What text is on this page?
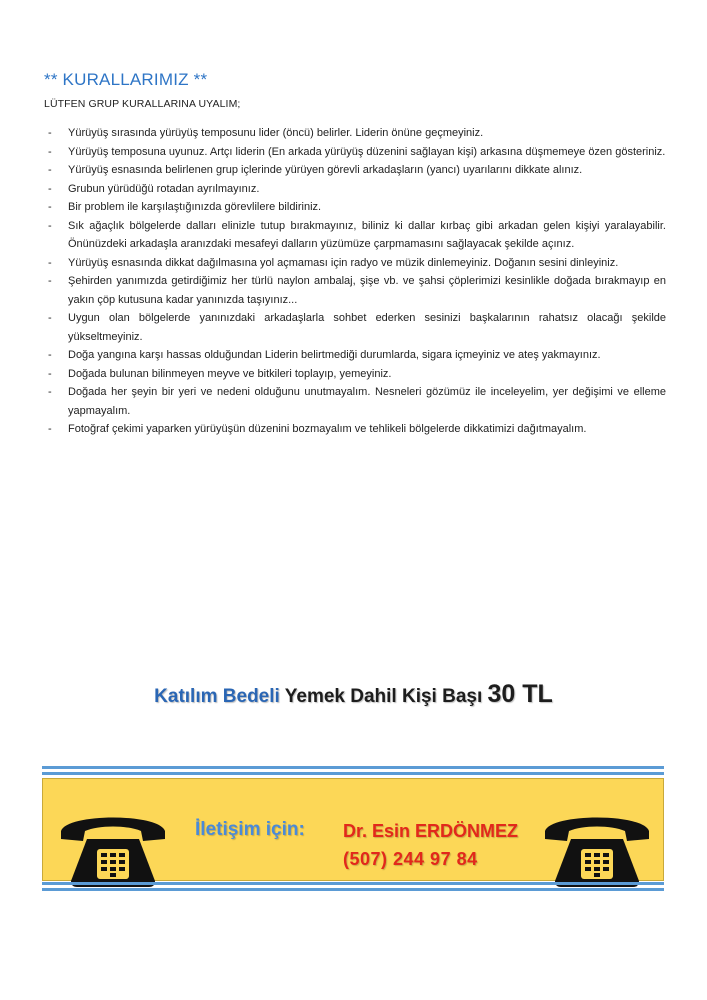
** KURALLARIMIZ **
LÜTFEN GRUP KURALLARINA UYALIM;
- Yürüyüş sırasında yürüyüş temposunu lider (öncü) belirler. Liderin önüne geçmeyiniz.
- Yürüyüş temposuna uyunuz. Artçı liderin (En arkada yürüyüş düzenini sağlayan kişi) arkasına düşmemeye özen gösteriniz.
- Yürüyüş esnasında belirlenen grup içlerinde yürüyen görevli arkadaşların (yancı) uyarılarını dikkate alınız.
- Grubun yürüdüğü rotadan ayrılmayınız.
- Bir problem ile karşılaştığınızda görevlilere bildiriniz.
- Sık ağaçlık bölgelerde dalları elinizle tutup bırakmayınız, biliniz ki dallar kırbaç gibi arkadan gelen kişiyi yaralayabilir. Önünüzdeki arkadaşla aranızdaki mesafeyi dalların yüzümüze çarpmamasını sağlayacak şekilde açınız.
- Yürüyüş esnasında dikkat dağılmasına yol açmaması için radyo ve müzik dinlemeyiniz. Doğanın sesini dinleyiniz.
- Şehirden yanımızda getirdiğimiz her türlü naylon ambalaj, şişe vb. ve şahsi çöplerimizi kesinlikle doğada bırakmayıp en yakın çöp kutusuna kadar yanınızda taşıyınız...
- Uygun olan bölgelerde yanınızdaki arkadaşlarla sohbet ederken sesinizi başkalarının rahatsız olacağı şekilde yükseltmeyiniz.
- Doğa yangına karşı hassas olduğundan Liderin belirtmediği durumlarda, sigara içmeyiniz ve ateş yakmayınız.
- Doğada bulunan bilinmeyen meyve ve bitkileri toplayıp, yemeyiniz.
- Doğada her şeyin bir yeri ve nedeni olduğunu unutmayalım. Nesneleri gözümüz ile inceleyelim, yer değişimi ve elleme yapmayalım.
- Fotoğraf çekimi yaparken yürüyüşün düzenini bozmayalım ve tehlikeli bölgelerde dikkatimizi dağıtmayalım.
Katılım Bedeli Yemek Dahil Kişi Başı 30 TL
İletişim için: Dr. Esin ERDÖNMEZ
(507) 244 97 84
